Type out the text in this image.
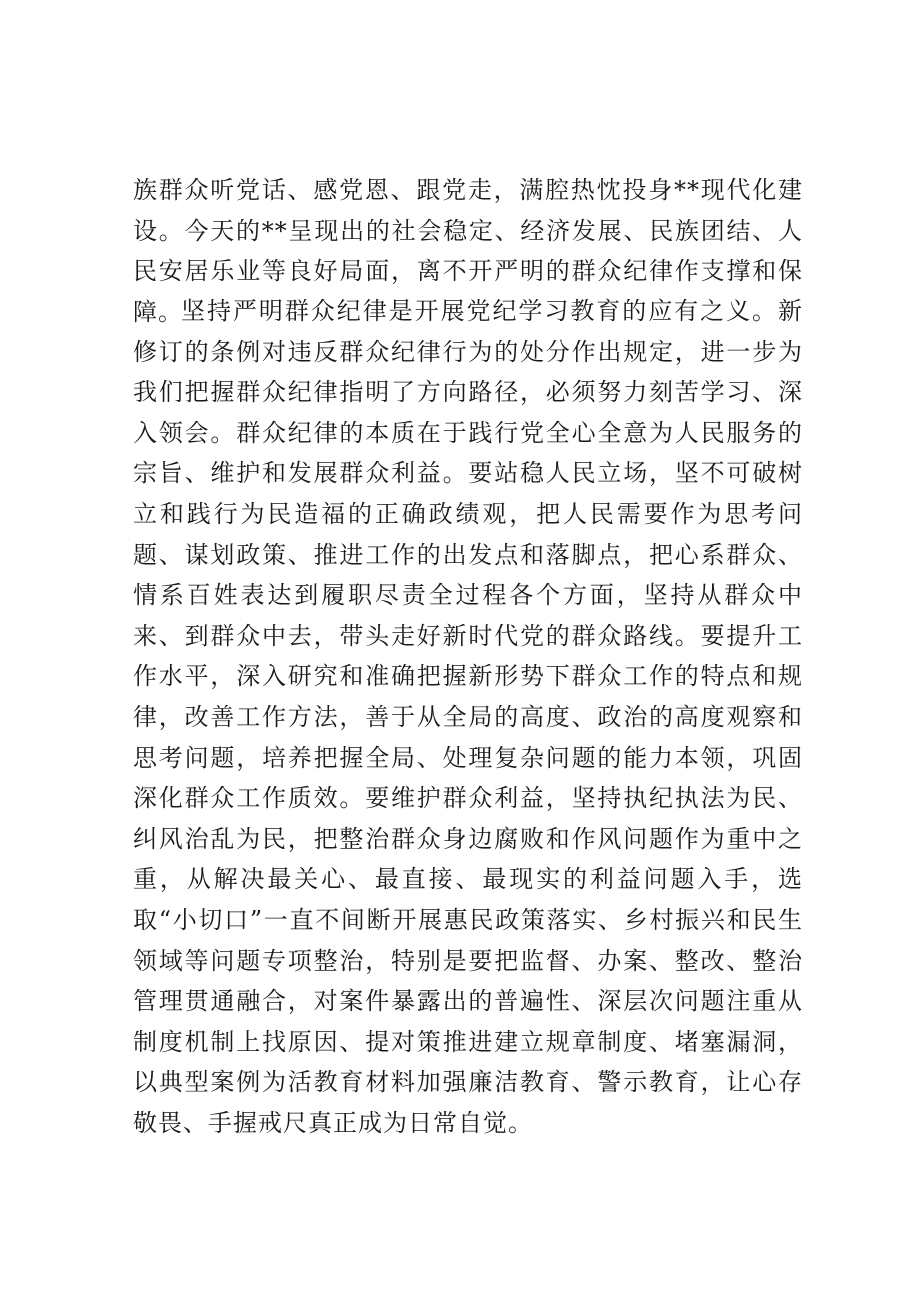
族群众听党话、感党恩、跟党走，满腔热忱投身**现代化建设。今天的**呈现出的社会稳定、经济发展、民族团结、人民安居乐业等良好局面，离不开严明的群众纪律作支撑和保障。

坚持严明群众纪律是开展党纪学习教育的应有之义。新修订的条例对违反群众纪律行为的处分作出规定，进一步为我们把握群众纪律指明了方向路径，必须努力刻苦学习、深入领会。群众纪律的本质在于践行党全心全意为人民服务的宗旨、维护和发展群众利益。要站稳人民立场，坚不可破树立和践行为民造福的正确政绩观，把人民需要作为思考问题、谋划政策、推进工作的出发点和落脚点，把心系群众、情系百姓表达到履职尽责全过程各个方面，坚持从群众中来、到群众中去，带头走好新时代党的群众路线。要提升工作水平，深入研究和准确把握新形势下群众工作的特点和规律，改善工作方法，善于从全局的高度、政治的高度观察和思考问题，培养把握全局、处理复杂问题的能力本领，巩固深化群众工作质效。要维护群众利益，坚持执纪执法为民、纠风治乱为民，把整治群众身边腐败和作风问题作为重中之重，从解决最关心、最直接、最现实的利益问题入手，选取“小切口”一直不间断开展惠民政策落实、乡村振兴和民生领域等问题专项整治，特别是要把监督、办案、整改、整治管理贯通融合，对案件暴露出的普遍性、深层次问题注重从制度机制上找原因、提对策推进建立规章制度、堵塞漏洞，以典型案例为活教育材料加强廉洁教育、警示教育，让心存敬畏、手握戒尺真正成为日常自觉。
